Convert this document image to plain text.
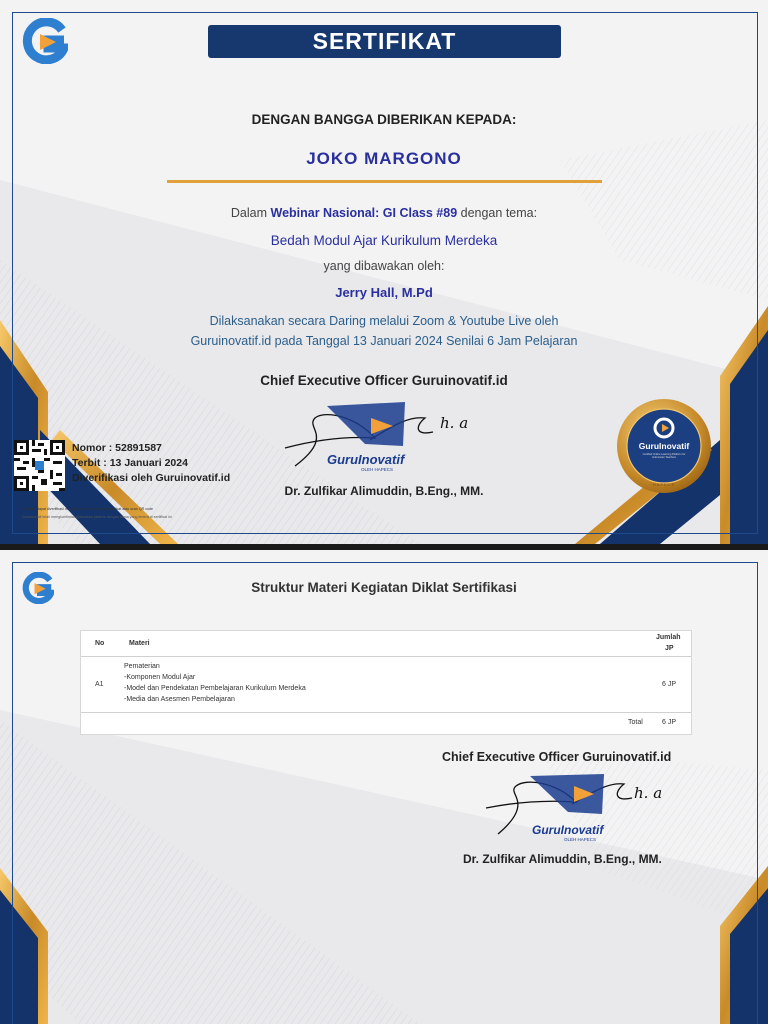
SERTIFIKAT

DENGAN BANGGA DIBERIKAN KEPADA:

JOKO MARGONO

Dalam Webinar Nasional: GI Class #89 dengan tema:

Bedah Modul Ajar Kurikulum Merdeka

yang dibawakan oleh:

Jerry Hall, M.Pd

Dilaksanakan secara Daring melalui Zoom & Youtube Live oleh

Guruinovatif.id pada Tanggal 13 Januari 2024 Senilai 6 Jam Pelajaran

Chief Executive Officer Guruinovatif.id

h. a
GuruInovatif
OLEH HAPECS

Dr. Zulfikar Alimuddin, B.Eng., MM.

Nomor : 52891587

Terbit : 13 Januari 2024

Diverifikasi oleh Guruinovatif.id

Sertifikat dapat diverifikasi di Guruinovatif.id/verifikasi-sertifikat atau scan QR code

Guruinovatif telah mengkonfirmasi kelulusan peserta dengan nama yang tertera di sertifikat ini

GuruInovatif
Certified Online Learning Platform for Indonesian Teachers
HAPECS

Struktur Materi Kegiatan Diklat Sertifikasi

No	Materi
Jumlah
JP
A1
Pematerian
-Komponen Modul Ajar
-Model dan Pendekatan Pembelajaran Kurikulum Merdeka
-Media dan Asesmen Pembelajaran
6 JP
Total	6 JP

Chief Executive Officer Guruinovatif.id

h. a
GuruInovatif
OLEH HAPECS

Dr. Zulfikar Alimuddin, B.Eng., MM.
